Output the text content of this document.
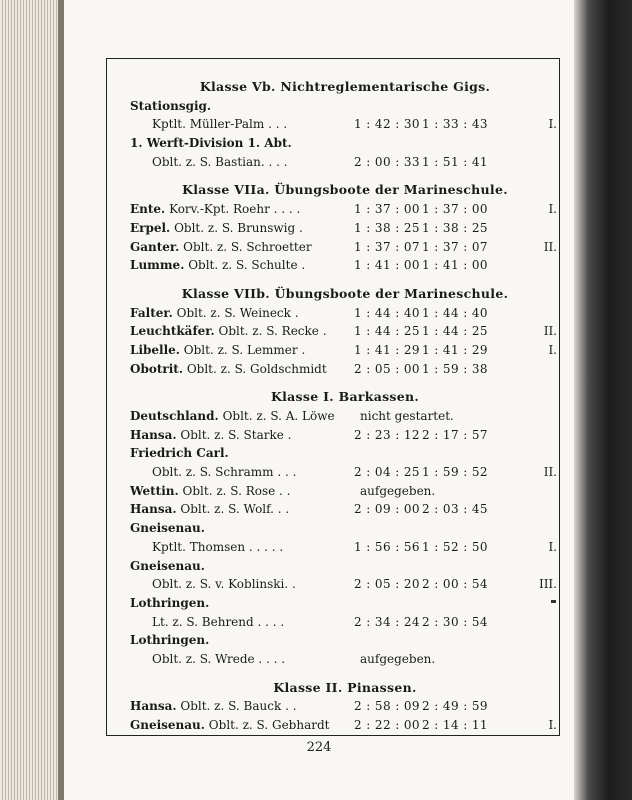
Klasse Vb. Nichtreglementarische Gigs.
Stationsgig.
Kptlt. Müller-Palm . . .	1 : 42 : 30 1 : 33 : 43	I.
1. Werft-Division 1. Abt.
Oblt. z. S. Bastian. . . .	2 : 00 : 33 1 : 51 : 41
Klasse VIIa. Übungsboote der Marineschule.
Ente. Korv.-Kpt. Roehr . . . .	1 : 37 : 00 1 : 37 : 00	I.
Erpel. Oblt. z. S. Brunswig .	1 : 38 : 25 1 : 38 : 25
Ganter. Oblt. z. S. Schroetter	1 : 37 : 07 1 : 37 : 07	II.
Lumme. Oblt. z. S. Schulte .	1 : 41 : 00 1 : 41 : 00
Klasse VIIb. Übungsboote der Marineschule.
Falter. Oblt. z. S. Weineck .	1 : 44 : 40 1 : 44 : 40
Leuchtkäfer. Oblt. z. S. Recke . 1 : 44 : 25 1 : 44 : 25	II.
Libelle. Oblt. z. S. Lemmer .	1 : 41 : 29 1 : 41 : 29	I.
Obotrit. Oblt. z. S. Goldschmidt 2 : 05 : 00 1 : 59 : 38
Klasse I. Barkassen.
Deutschland. Oblt. z. S. A. Löwe nicht gestartet.
Hansa. Oblt. z. S. Starke .	2 : 23 : 12 2 : 17 : 57
Friedrich Carl.
Oblt. z. S. Schramm . . .	2 : 04 : 25 1 : 59 : 52	II.
Wettin. Oblt. z. S. Rose . .	aufgegeben.
Hansa. Oblt. z. S. Wolf. . .	2 : 09 : 00 2 : 03 : 45
Gneisenau.
Kptlt. Thomsen . . . . .	1 : 56 : 56 1 : 52 : 50	I.
Gneisenau.
Oblt. z. S. v. Koblinski. .	2 : 05 : 20 2 : 00 : 54	III.
Lothringen.
Lt. z. S. Behrend . . . .	2 : 34 : 24 2 : 30 : 54
Lothringen.
Oblt. z. S. Wrede . . . .	aufgegeben.
Klasse II. Pinassen.
Hansa. Oblt. z. S. Bauck . .	2 : 58 : 09 2 : 49 : 59
Gneisenau. Oblt. z. S. Gebhardt 2 : 22 : 00 2 : 14 : 11	I.
224
